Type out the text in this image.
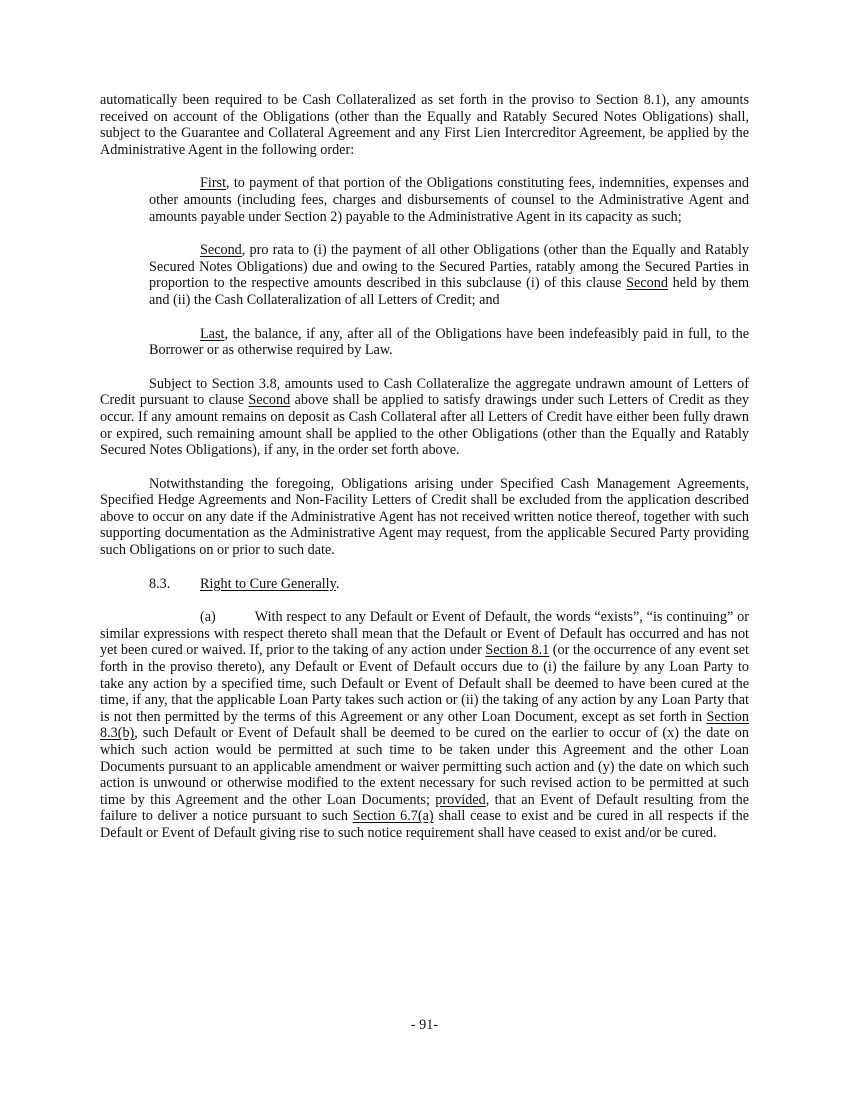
automatically been required to be Cash Collateralized as set forth in the proviso to Section 8.1), any amounts received on account of the Obligations (other than the Equally and Ratably Secured Notes Obligations) shall, subject to the Guarantee and Collateral Agreement and any First Lien Intercreditor Agreement, be applied by the Administrative Agent in the following order:

First, to payment of that portion of the Obligations constituting fees, indemnities, expenses and other amounts (including fees, charges and disbursements of counsel to the Administrative Agent and amounts payable under Section 2) payable to the Administrative Agent in its capacity as such;

Second, pro rata to (i) the payment of all other Obligations (other than the Equally and Ratably Secured Notes Obligations) due and owing to the Secured Parties, ratably among the Secured Parties in proportion to the respective amounts described in this subclause (i) of this clause Second held by them and (ii) the Cash Collateralization of all Letters of Credit; and

Last, the balance, if any, after all of the Obligations have been indefeasibly paid in full, to the Borrower or as otherwise required by Law.

Subject to Section 3.8, amounts used to Cash Collateralize the aggregate undrawn amount of Letters of Credit pursuant to clause Second above shall be applied to satisfy drawings under such Letters of Credit as they occur. If any amount remains on deposit as Cash Collateral after all Letters of Credit have either been fully drawn or expired, such remaining amount shall be applied to the other Obligations (other than the Equally and Ratably Secured Notes Obligations), if any, in the order set forth above.

Notwithstanding the foregoing, Obligations arising under Specified Cash Management Agreements, Specified Hedge Agreements and Non-Facility Letters of Credit shall be excluded from the application described above to occur on any date if the Administrative Agent has not received written notice thereof, together with such supporting documentation as the Administrative Agent may request, from the applicable Secured Party providing such Obligations on or prior to such date.

8.3. Right to Cure Generally.

(a)	With respect to any Default or Event of Default, the words “exists”, “is continuing” or similar expressions with respect thereto shall mean that the Default or Event of Default has occurred and has not yet been cured or waived. If, prior to the taking of any action under Section 8.1 (or the occurrence of any event set forth in the proviso thereto), any Default or Event of Default occurs due to (i) the failure by any Loan Party to take any action by a specified time, such Default or Event of Default shall be deemed to have been cured at the time, if any, that the applicable Loan Party takes such action or (ii) the taking of any action by any Loan Party that is not then permitted by the terms of this Agreement or any other Loan Document, except as set forth in Section 8.3(b), such Default or Event of Default shall be deemed to be cured on the earlier to occur of (x) the date on which such action would be permitted at such time to be taken under this Agreement and the other Loan Documents pursuant to an applicable amendment or waiver permitting such action and (y) the date on which such action is unwound or otherwise modified to the extent necessary for such revised action to be permitted at such time by this Agreement and the other Loan Documents; provided, that an Event of Default resulting from the failure to deliver a notice pursuant to such Section 6.7(a) shall cease to exist and be cured in all respects if the Default or Event of Default giving rise to such notice requirement shall have ceased to exist and/or be cured.

- 91-
